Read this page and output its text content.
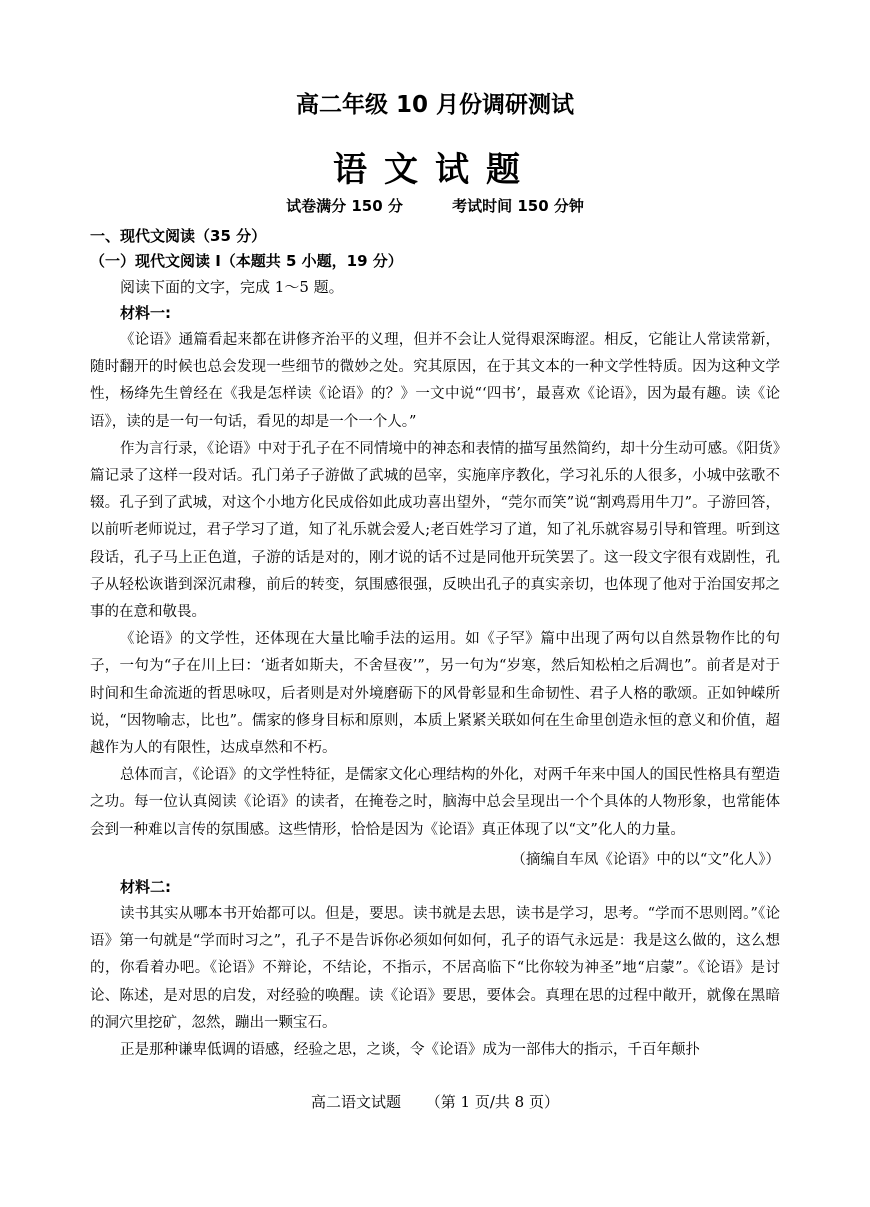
高二年级 10 月份调研测试
语文试题
试卷满分 150 分	考试时间 150 分钟
一、现代文阅读（35 分）
（一）现代文阅读 I（本题共 5 小题，19 分）
阅读下面的文字，完成 1～5 题。
材料一:

《论语》通篇看起来都在讲修齐治平的义理，但并不会让人觉得艰深晦涩。相反，它能让人常读常新，随时翻开的时候也总会发现一些细节的微妙之处。究其原因，在于其文本的一种文学性特质。因为这种文学性，杨绛先生曾经在《我是怎样读《论语》的？》一文中说“‘四书’，最喜欢《论语》，因为最有趣。读《论语》，读的是一句一句话，看见的却是一个一个人。”

作为言行录，《论语》中对于孔子在不同情境中的神态和表情的描写虽然简约，却十分生动可感。《阳货》篇记录了这样一段对话。孔门弟子子游做了武城的邑宰，实施庠序教化，学习礼乐的人很多，小城中弦歌不辍。孔子到了武城，对这个小地方化民成俗如此成功喜出望外，“莞尔而笑”说“割鸡焉用牛刀”。子游回答，以前听老师说过，君子学习了道，知了礼乐就会爱人;老百姓学习了道，知了礼乐就容易引导和管理。听到这段话，孔子马上正色道，子游的话是对的，刚才说的话不过是同他开玩笑罢了。这一段文字很有戏剧性，孔子从轻松诙谐到深沉肃穆，前后的转变，氛围感很强，反映出孔子的真实亲切，也体现了他对于治国安邦之事的在意和敬畏。

《论语》的文学性，还体现在大量比喻手法的运用。如《子罕》篇中出现了两句以自然景物作比的句子，一句为“子在川上曰：‘逝者如斯夫，不舍昼夜’”，另一句为“岁寒，然后知松柏之后凋也”。前者是对于时间和生命流逝的哲思咏叹，后者则是对外境磨砺下的风骨彰显和生命韧性、君子人格的歌颂。正如钟嵘所说，“因物喻志，比也”。儒家的修身目标和原则，本质上紧紧关联如何在生命里创造永恒的意义和价值，超越作为人的有限性，达成卓然和不朽。

总体而言，《论语》的文学性特征，是儒家文化心理结构的外化，对两千年来中国人的国民性格具有塑造之功。每一位认真阅读《论语》的读者，在掩卷之时，脑海中总会呈现出一个个具体的人物形象，也常能体会到一种难以言传的氛围感。这些情形，恰恰是因为《论语》真正体现了以“文”化人的力量。

（摘编自车凤《论语》中的以“文”化人》）
材料二:

读书其实从哪本书开始都可以。但是，要思。读书就是去思，读书是学习，思考。“学而不思则罔。”《论语》第一句就是“学而时习之”，孔子不是告诉你必须如何如何，孔子的语气永远是：我是这么做的，这么想的，你看着办吧。《论语》不辩论，不结论，不指示，不居高临下“比你较为神圣”地“启蒙”。《论语》是讨论、陈述，是对思的启发，对经验的唤醒。读《论语》要思，要体会。真理在思的过程中敞开，就像在黑暗的洞穴里挖矿，忽然，蹦出一颗宝石。

正是那种谦卑低调的语感，经验之思，之谈，令《论语》成为一部伟大的指示，千百年颠扑

高二语文试题 （第 1 页/共 8 页）
